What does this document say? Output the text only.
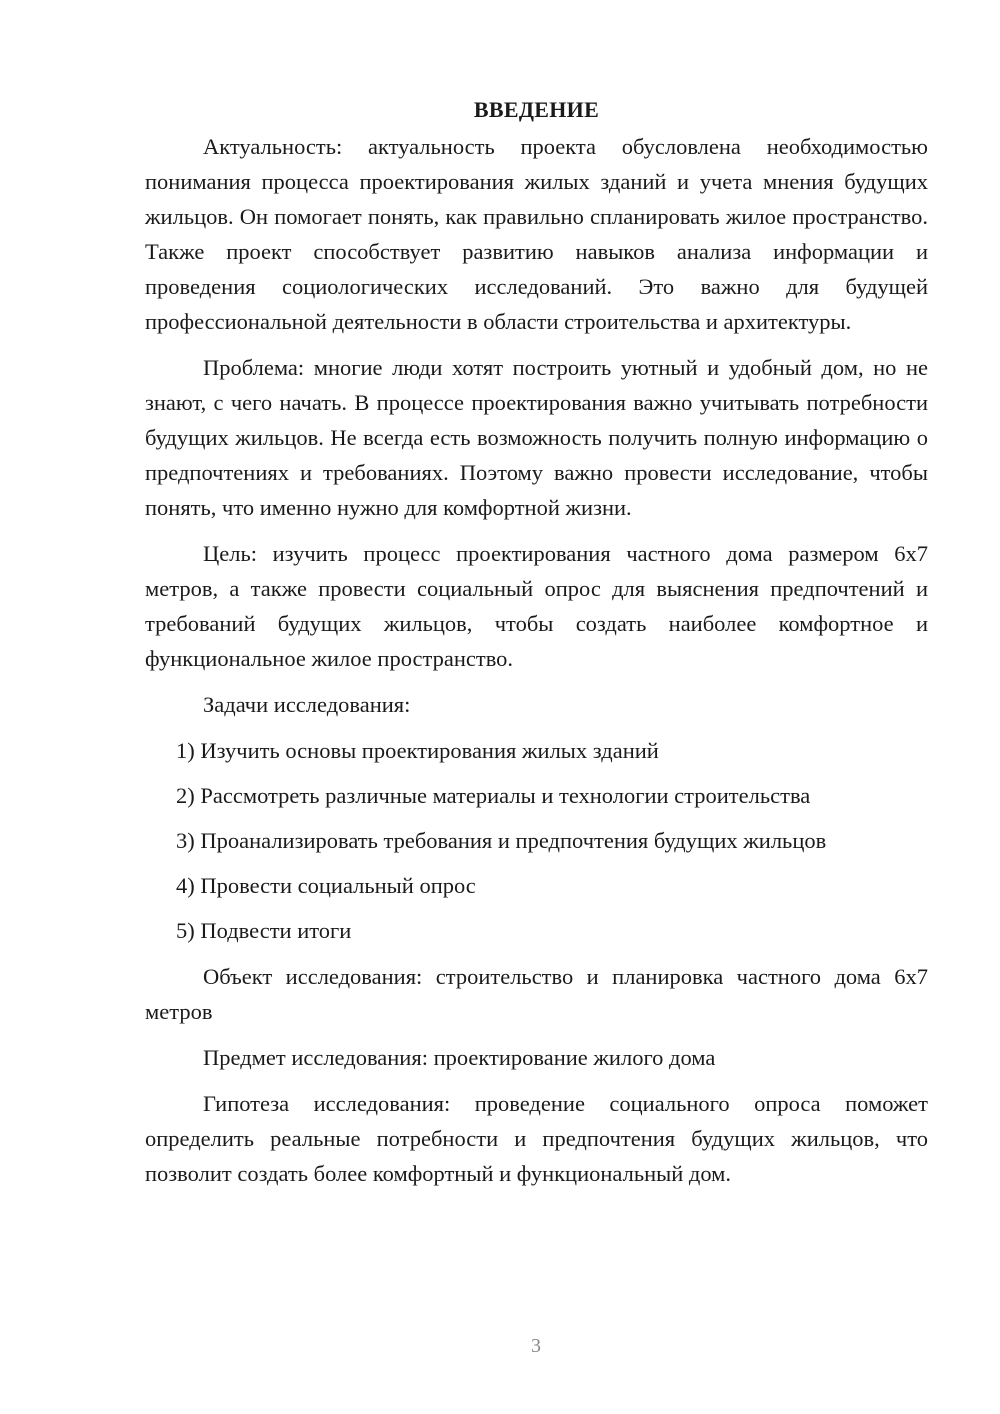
ВВЕДЕНИЕ

Актуальность: актуальность проекта обусловлена необходимостью понимания процесса проектирования жилых зданий и учета мнения будущих жильцов. Он помогает понять, как правильно спланировать жилое пространство. Также проект способствует развитию навыков анализа информации и проведения социологических исследований. Это важно для будущей профессиональной деятельности в области строительства и архитектуры.

Проблема: многие люди хотят построить уютный и удобный дом, но не знают, с чего начать. В процессе проектирования важно учитывать потребности будущих жильцов. Не всегда есть возможность получить полную информацию о предпочтениях и требованиях. Поэтому важно провести исследование, чтобы понять, что именно нужно для комфортной жизни.

Цель: изучить процесс проектирования частного дома размером 6х7 метров, а также провести социальный опрос для выяснения предпочтений и требований будущих жильцов, чтобы создать наиболее комфортное и функциональное жилое пространство.

Задачи исследования:

1) Изучить основы проектирования жилых зданий
2) Рассмотреть различные материалы и технологии строительства
3) Проанализировать требования и предпочтения будущих жильцов
4) Провести социальный опрос
5) Подвести итоги

Объект исследования: строительство и планировка частного дома 6х7 метров

Предмет исследования: проектирование жилого дома

Гипотеза исследования: проведение социального опроса поможет определить реальные потребности и предпочтения будущих жильцов, что позволит создать более комфортный и функциональный дом.

3
